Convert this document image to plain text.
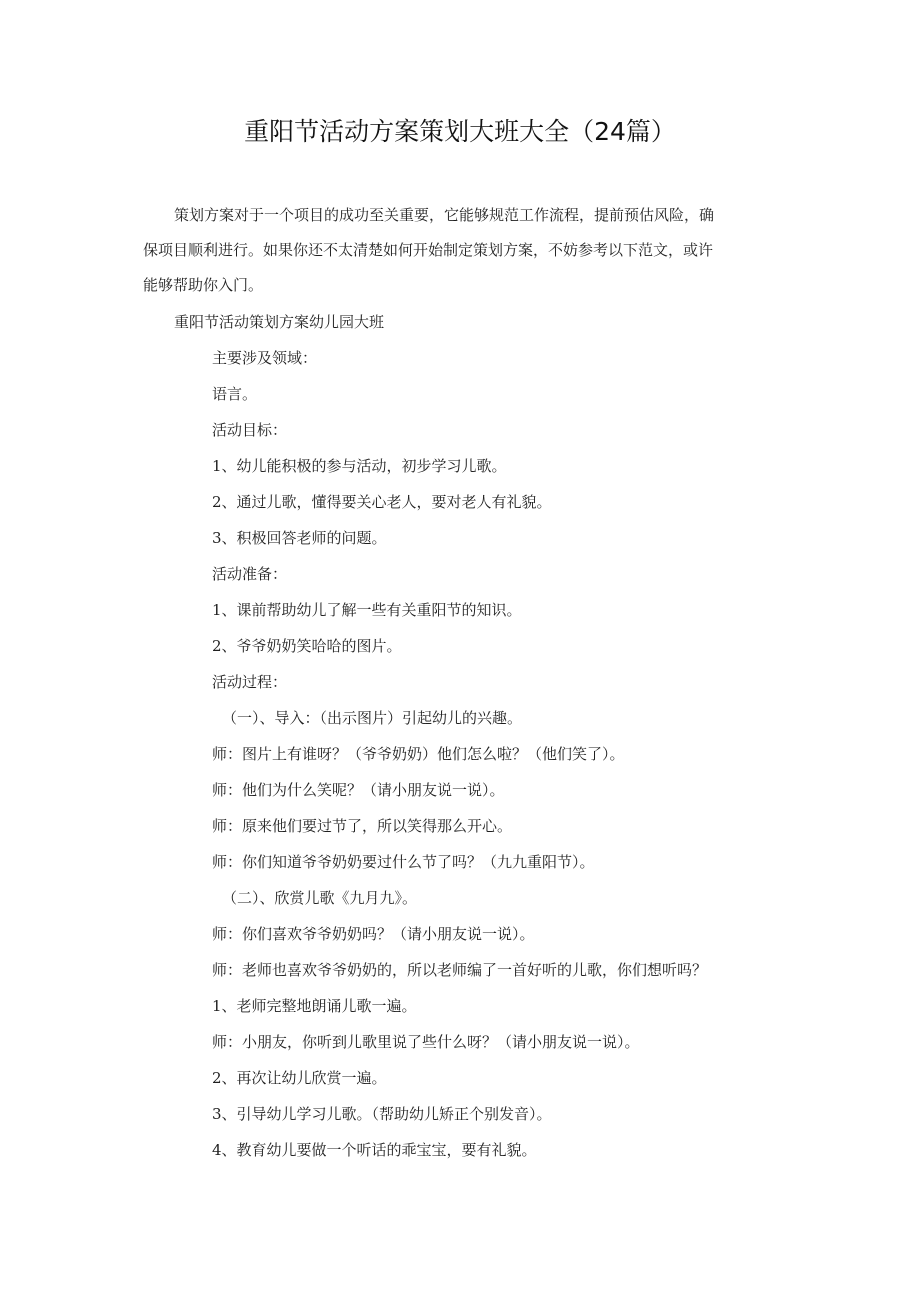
重阳节活动方案策划大班大全（24篇）
策划方案对于一个项目的成功至关重要，它能够规范工作流程，提前预估风险，确
保项目顺利进行。如果你还不太清楚如何开始制定策划方案，不妨参考以下范文，或许
能够帮助你入门。

重阳节活动策划方案幼儿园大班

主要涉及领域：

语言。

活动目标：

1、幼儿能积极的参与活动，初步学习儿歌。

2、通过儿歌，懂得要关心老人，要对老人有礼貌。

3、积极回答老师的问题。

活动准备：

1、课前帮助幼儿了解一些有关重阳节的知识。

2、爷爷奶奶笑哈哈的图片。

活动过程：

（一）、导入：（出示图片）引起幼儿的兴趣。

师：图片上有谁呀？（爷爷奶奶）他们怎么啦？（他们笑了）。

师：他们为什么笑呢？（请小朋友说一说）。

师：原来他们要过节了，所以笑得那么开心。

师：你们知道爷爷奶奶要过什么节了吗？（九九重阳节）。

（二）、欣赏儿歌《九月九》。

师：你们喜欢爷爷奶奶吗？（请小朋友说一说）。

师：老师也喜欢爷爷奶奶的，所以老师编了一首好听的儿歌，你们想听吗？

1、老师完整地朗诵儿歌一遍。

师：小朋友，你听到儿歌里说了些什么呀？（请小朋友说一说）。

2、再次让幼儿欣赏一遍。

3、引导幼儿学习儿歌。（帮助幼儿矫正个别发音）。

4、教育幼儿要做一个听话的乖宝宝，要有礼貌。
